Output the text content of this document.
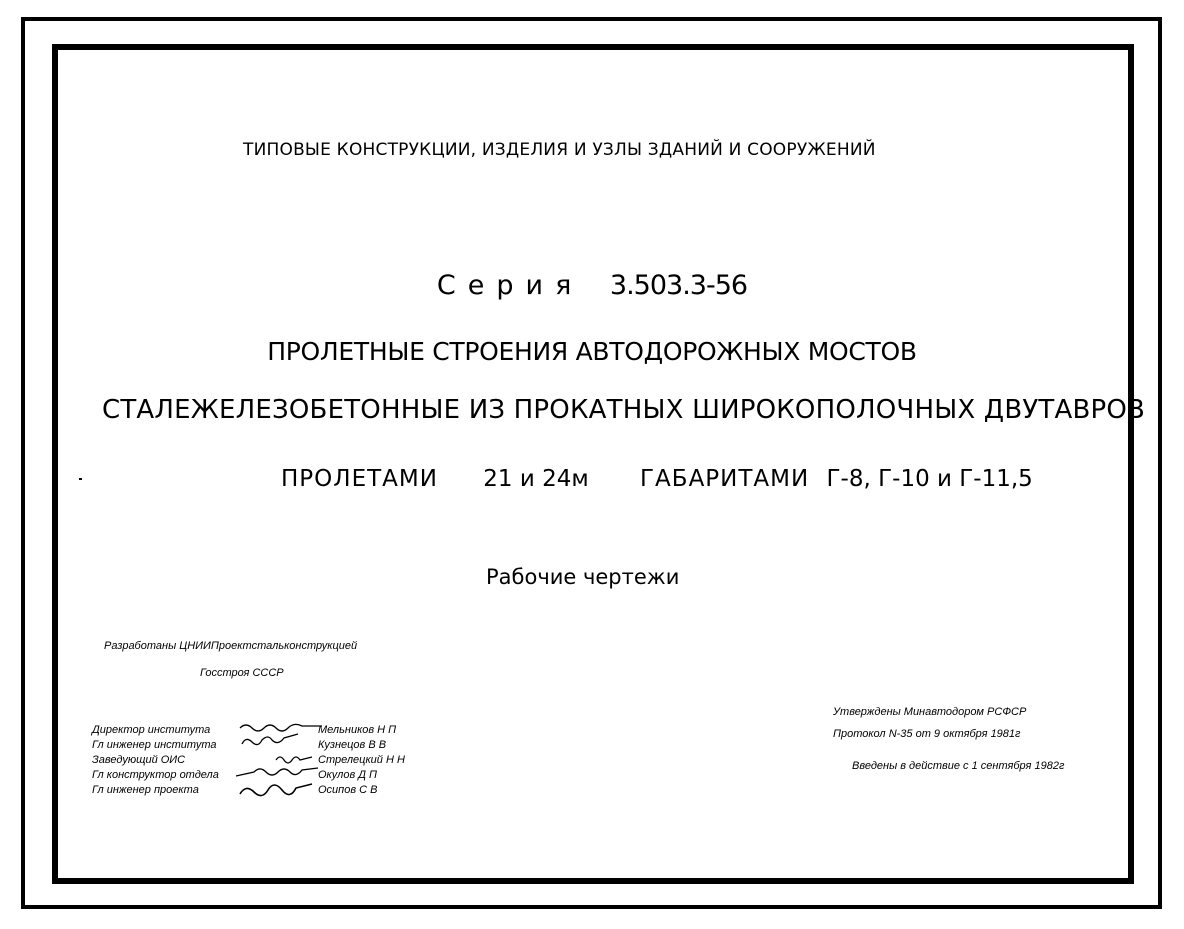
ТИПОВЫЕ КОНСТРУКЦИИ, ИЗДЕЛИЯ И УЗЛЫ ЗДАНИЙ И СООРУЖЕНИЙ

Серия 3.503.3-56

ПРОЛЕТНЫЕ СТРОЕНИЯ АВТОДОРОЖНЫХ МОСТОВ

СТАЛЕЖЕЛЕЗОБЕТОННЫЕ ИЗ ПРОКАТНЫХ ШИРОКОПОЛОЧНЫХ ДВУТАВРОВ

ПРОЛЕТАМИ 21 и 24м ГАБАРИТАМИ Г-8, Г-10 и Г-11,5

Рабочие чертежи

Разработаны ЦНИИПроектстальконструкцией

Госстроя СССР

Директор института
Гл инженер института
Заведующий ОИС
Гл конструктор отдела
Гл инженер проекта
Мельников Н П
Кузнецов В В
Стрелецкий Н Н
Окулов Д П
Осипов С В

Утверждены Минавтодором РСФСР

Протокол N-35 от 9 октября 1981г

Введены в действие с 1 сентября 1982г
